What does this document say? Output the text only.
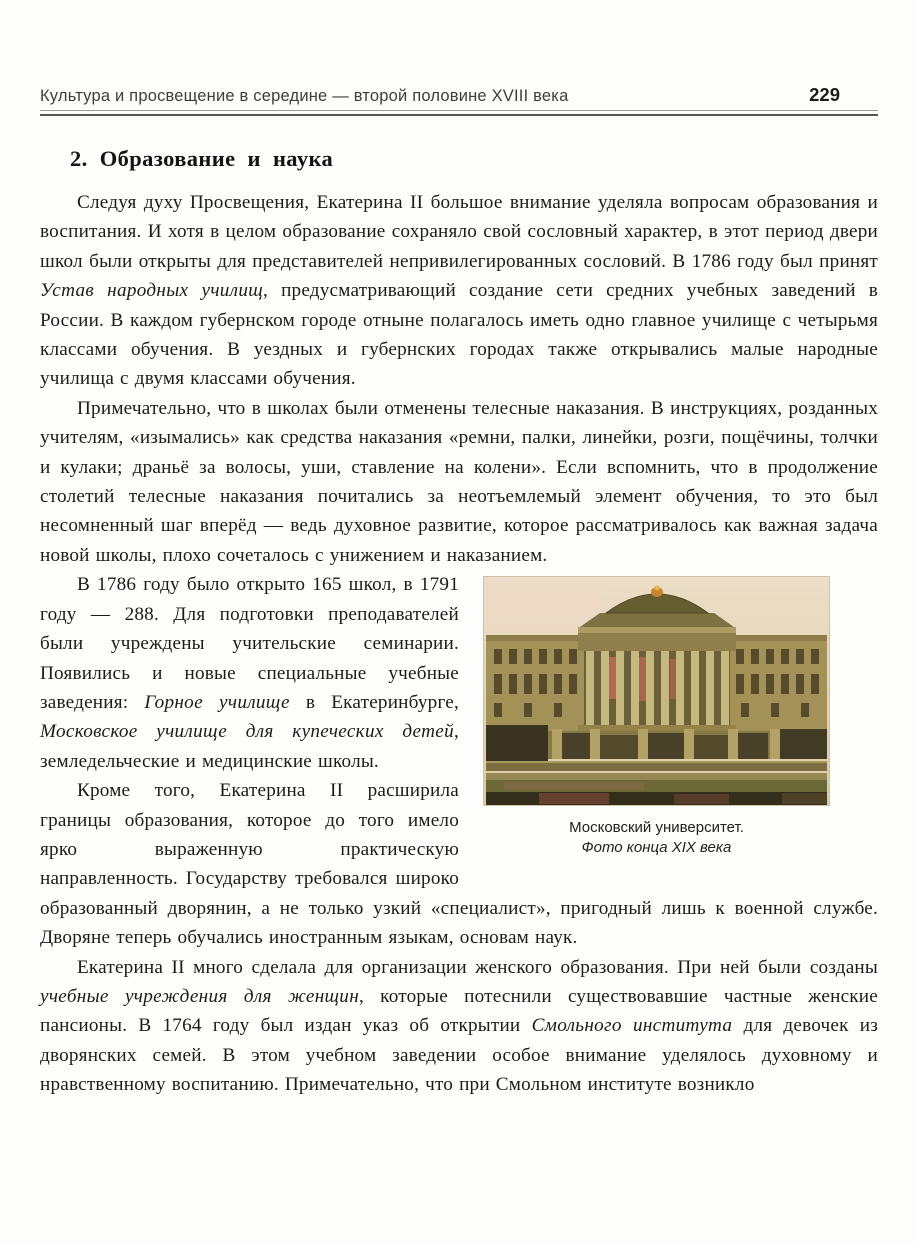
Культура и просвещение в середине — второй половине XVIII века	229
2. Образование и наука

Следуя духу Просвещения, Екатерина II большое внимание уделяла вопросам образования и воспитания. И хотя в целом образование сохраняло свой сословный характер, в этот период двери школ были открыты для представителей непривилегированных сословий. В 1786 году был принят Устав народных училищ, предусматривающий создание сети средних учебных заведений в России. В каждом губернском городе отныне полагалось иметь одно главное училище с четырьмя классами обучения. В уездных и губернских городах также открывались малые народные училища с двумя классами обучения.

Примечательно, что в школах были отменены телесные наказания. В инструкциях, розданных учителям, «изымались» как средства наказания «ремни, палки, линейки, розги, пощёчины, толчки и кулаки; драньё за волосы, уши, ставление на колени». Если вспомнить, что в продолжение столетий телесные наказания почитались за неотъемлемый элемент обучения, то это был несомненный шаг вперёд — ведь духовное развитие, которое рассматривалось как важная задача новой школы, плохо сочеталось с унижением и наказанием.

Московский университет.
Фото конца XIX века

В 1786 году было открыто 165 школ, в 1791 году — 288. Для подготовки преподавателей были учреждены учительские семинарии. Появились и новые специальные учебные заведения: Горное училище в Екатеринбурге, Московское училище для купеческих детей, земледельческие и медицинские школы.

Кроме того, Екатерина II расширила границы образования, которое до того имело ярко выраженную практическую направленность. Государству требовался широко образованный дворянин, а не только узкий «специалист», пригодный лишь к военной службе. Дворяне теперь обучались иностранным языкам, основам наук.

Екатерина II много сделала для организации женского образования. При ней были созданы учебные учреждения для женщин, которые потеснили существовавшие частные женские пансионы. В 1764 году был издан указ об открытии Смольного института для девочек из дворянских семей. В этом учебном заведении особое внимание уделялось духовному и нравственному воспитанию. Примечательно, что при Смольном институте возникло
